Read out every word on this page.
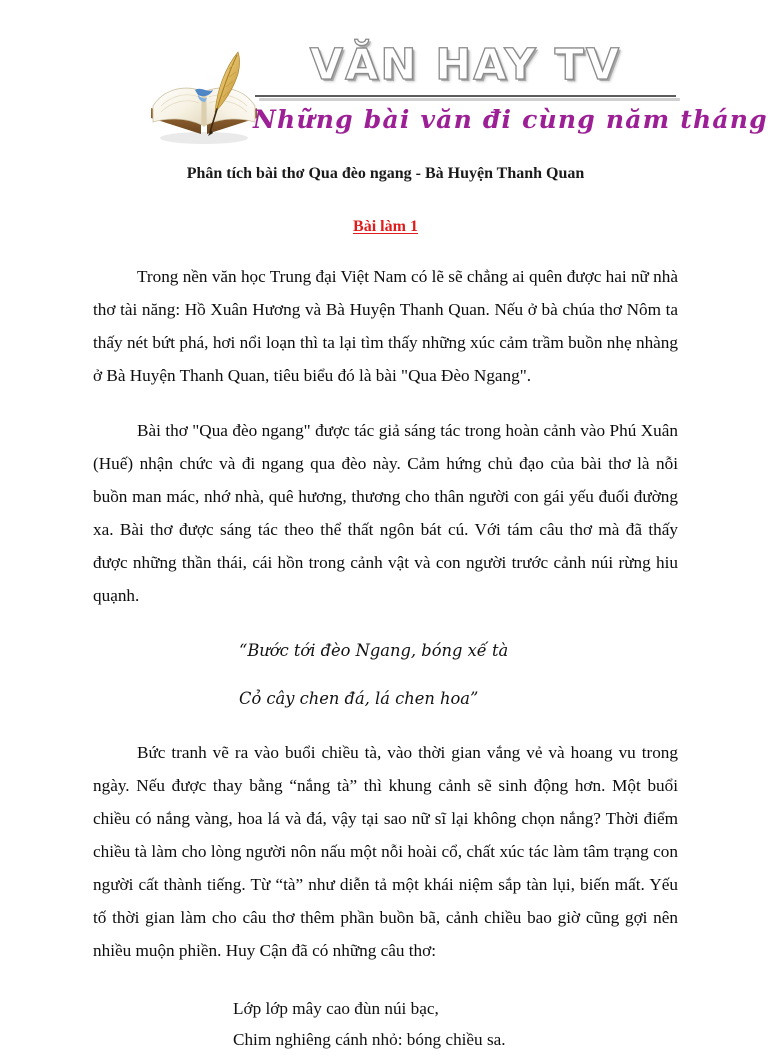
VĂN HAY TV
Những bài văn đi cùng năm tháng
Phân tích bài thơ Qua đèo ngang - Bà Huyện Thanh Quan
Bài làm 1

Trong nền văn học Trung đại Việt Nam có lẽ sẽ chẳng ai quên được hai nữ nhà thơ tài năng: Hồ Xuân Hương và Bà Huyện Thanh Quan. Nếu ở bà chúa thơ Nôm ta thấy nét bứt phá, hơi nổi loạn thì ta lại tìm thấy những xúc cảm trầm buồn nhẹ nhàng ở Bà Huyện Thanh Quan, tiêu biểu đó là bài "Qua Đèo Ngang".

Bài thơ "Qua đèo ngang" được tác giả sáng tác trong hoàn cảnh vào Phú Xuân (Huế) nhận chức và đi ngang qua đèo này. Cảm hứng chủ đạo của bài thơ là nỗi buồn man mác, nhớ nhà, quê hương, thương cho thân người con gái yếu đuối đường xa. Bài thơ được sáng tác theo thể thất ngôn bát cú. Với tám câu thơ mà đã thấy được những thần thái, cái hồn trong cảnh vật và con người trước cảnh núi rừng hiu quạnh.

“Bước tới đèo Ngang, bóng xế tà

Cỏ cây chen đá, lá chen hoa”

Bức tranh vẽ ra vào buổi chiều tà, vào thời gian vắng vẻ và hoang vu trong ngày. Nếu được thay bằng “nắng tà” thì khung cảnh sẽ sinh động hơn. Một buổi chiều có nắng vàng, hoa lá và đá, vậy tại sao nữ sĩ lại không chọn nắng? Thời điểm chiều tà làm cho lòng người nôn nấu một nỗi hoài cổ, chất xúc tác làm tâm trạng con người cất thành tiếng. Từ “tà” như diễn tả một khái niệm sắp tàn lụi, biến mất. Yếu tố thời gian làm cho câu thơ thêm phần buồn bã, cảnh chiều bao giờ cũng gợi nên nhiều muộn phiền. Huy Cận đã có những câu thơ:

Lớp lớp mây cao đùn núi bạc,

Chim nghiêng cánh nhỏ: bóng chiều sa.
